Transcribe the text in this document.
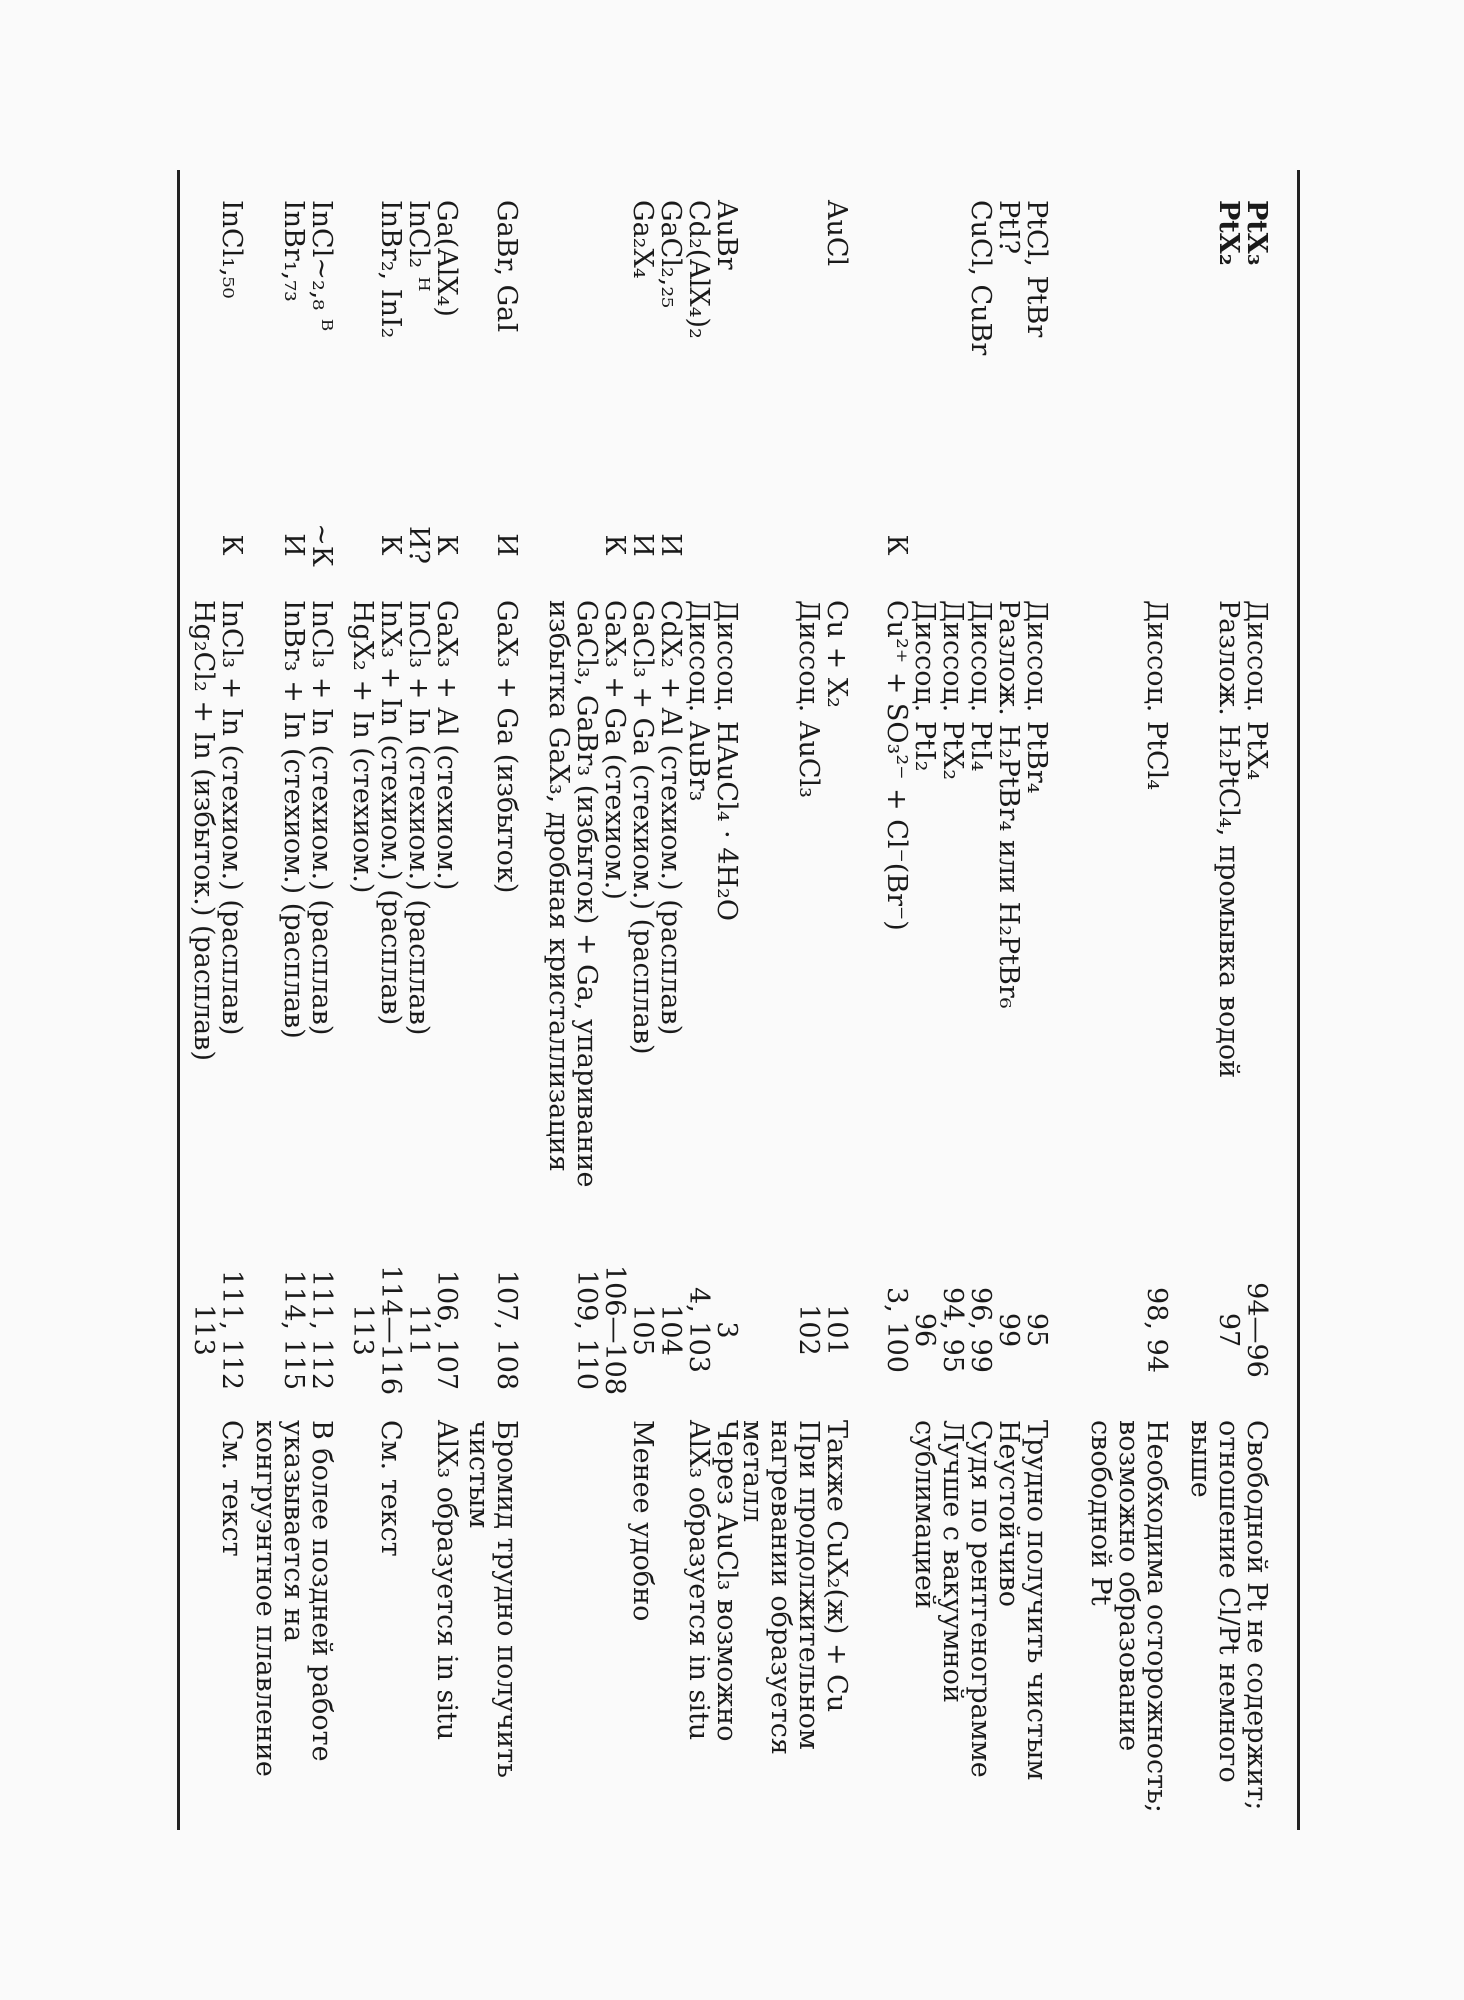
PtX₃
PtX₂
Диссоц. PtX₄
Разлож. H₂PtCl₄, промывка водой
94—96
97
Свободной Pt не содержит; отношение Cl/Pt немного выше
Диссоц. PtCl₄
98, 94
Необходима осторожность; возможно образование свободной Pt
PtCl, PtBr
PtI?
CuCl, CuBr
К
Диссоц. PtBr₄
Разлож. H₂PtBr₄ или H₂PtBr₆
Диссоц. PtI₄
Диссоц. PtX₂
Диссоц. PtI₂
Cu²⁺ + SO₃²⁻ + Cl⁻(Br⁻)
95
99
96, 99
94, 95
96
3, 100
Трудно получить чистым
Неустойчиво
Судя по рентгенограмме
Лучше с вакуумной сублимацией
AuCl
Cu + X₂
Диссоц. AuCl₃
101
102
Также CuX₂(ж) + Cu
При продолжительном нагревании образуется металл
AuBr
Cd₂(AlX₄)₂
GaCl₂,₂₅
Ga₂X₄
И
И
К
Диссоц. HAuCl₄ · 4H₂O
Диссоц. AuBr₃
CdX₂ + Al (стехиом.) (расплав)
GaCl₃ + Ga (стехиом.) (расплав)
GaX₃ + Ga (стехиом.)
GaCl₃, GaBr₃ (избыток) + Ga, упаривание избытка GaX₃, дробная кристаллизация
3
4, 103
104
105
106—108
109, 110
Через AuCl₃ возможно
AlX₃ образуется in situ

Менее удобно
GaBr, GaI
И
GaX₃ + Ga (избыток)
107, 108
Бромид трудно получить чистым
Ga(AlX₄)
InCl₂ ᴴ
InBr₂, InI₂
К
И?
К
GaX₃ + Al (стехиом.)
InCl₃ + In (стехиом.) (расплав)
InX₃ + In (стехиом.) (расплав)
HgX₂ + In (стехиом.)
106, 107
111
114—116
113
AlX₃ образуется in situ

См. текст
InCl~₂,₈ ᴮ
InBr₁,₇₃
~К
И
InCl₃ + In (стехиом.) (расплав)
InBr₃ + In (стехиом.) (расплав)
111, 112
114, 115
В более поздней работе указывается на конгруэнтное плавление
InCl₁,₅₀
К
InCl₃ + In (стехиом.) (расплав)
Hg₂Cl₂ + In (избыток.) (расплав)
111, 112
113
См. текст
